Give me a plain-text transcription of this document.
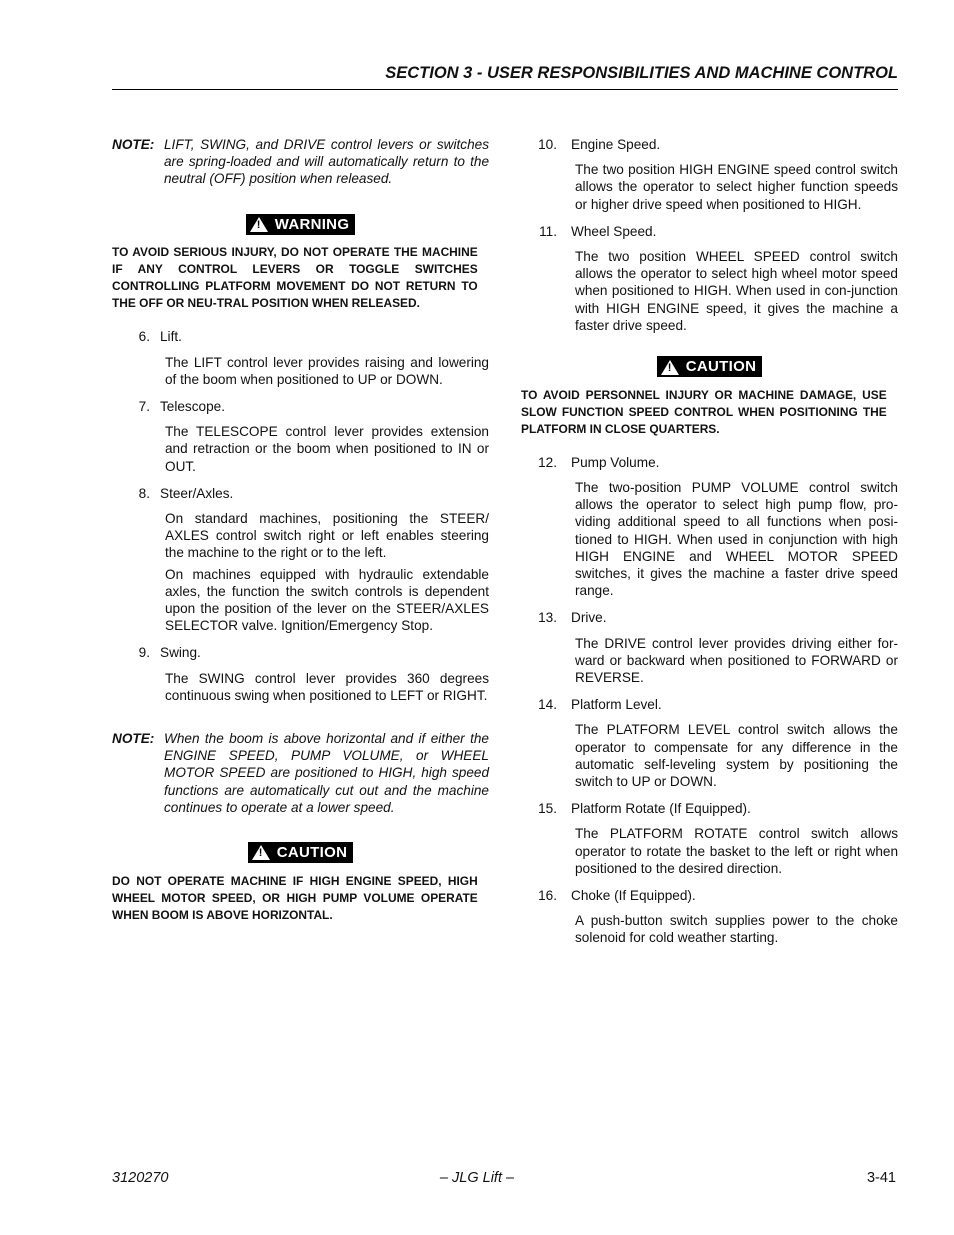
SECTION 3 - USER RESPONSIBILITIES AND MACHINE CONTROL
NOTE: LIFT, SWING, and DRIVE control levers or switches are spring-loaded and will automatically return to the neutral (OFF) position when released.
! WARNING
TO AVOID SERIOUS INJURY, DO NOT OPERATE THE MACHINE IF ANY CONTROL LEVERS OR TOGGLE SWITCHES CONTROLLING PLATFORM MOVEMENT DO NOT RETURN TO THE OFF OR NEU-TRAL POSITION WHEN RELEASED.
6. Lift.
The LIFT control lever provides raising and lowering of the boom when positioned to UP or DOWN.
7. Telescope.
The TELESCOPE control lever provides extension and retraction or the boom when positioned to IN or OUT.
8. Steer/Axles.
On standard machines, positioning the STEER/ AXLES control switch right or left enables steering the machine to the right or to the left.
On machines equipped with hydraulic extendable axles, the function the switch controls is dependent upon the position of the lever on the STEER/AXLES SELECTOR valve. Ignition/Emergency Stop.
9. Swing.
The SWING control lever provides 360 degrees continuous swing when positioned to LEFT or RIGHT.
NOTE: When the boom is above horizontal and if either the ENGINE SPEED, PUMP VOLUME, or WHEEL MOTOR SPEED are positioned to HIGH, high speed functions are automatically cut out and the machine continues to operate at a lower speed.
! CAUTION
DO NOT OPERATE MACHINE IF HIGH ENGINE SPEED, HIGH WHEEL MOTOR SPEED, OR HIGH PUMP VOLUME OPERATE WHEN BOOM IS ABOVE HORIZONTAL.
10. Engine Speed.
The two position HIGH ENGINE speed control switch allows the operator to select higher function speeds or higher drive speed when positioned to HIGH.
11. Wheel Speed.
The two position WHEEL SPEED control switch allows the operator to select high wheel motor speed when positioned to HIGH. When used in con-junction with HIGH ENGINE speed, it gives the machine a faster drive speed.
! CAUTION
TO AVOID PERSONNEL INJURY OR MACHINE DAMAGE, USE SLOW FUNCTION SPEED CONTROL WHEN POSITIONING THE PLATFORM IN CLOSE QUARTERS.
12. Pump Volume.
The two-position PUMP VOLUME control switch allows the operator to select high pump flow, pro-viding additional speed to all functions when posi-tioned to HIGH. When used in conjunction with high HIGH ENGINE and WHEEL MOTOR SPEED switches, it gives the machine a faster drive speed range.
13. Drive.
The DRIVE control lever provides driving either for-ward or backward when positioned to FORWARD or REVERSE.
14. Platform Level.
The PLATFORM LEVEL control switch allows the operator to compensate for any difference in the automatic self-leveling system by positioning the switch to UP or DOWN.
15. Platform Rotate (If Equipped).
The PLATFORM ROTATE control switch allows operator to rotate the basket to the left or right when positioned to the desired direction.
16. Choke (If Equipped).
A push-button switch supplies power to the choke solenoid for cold weather starting.
3120270	– JLG Lift –	3-41
